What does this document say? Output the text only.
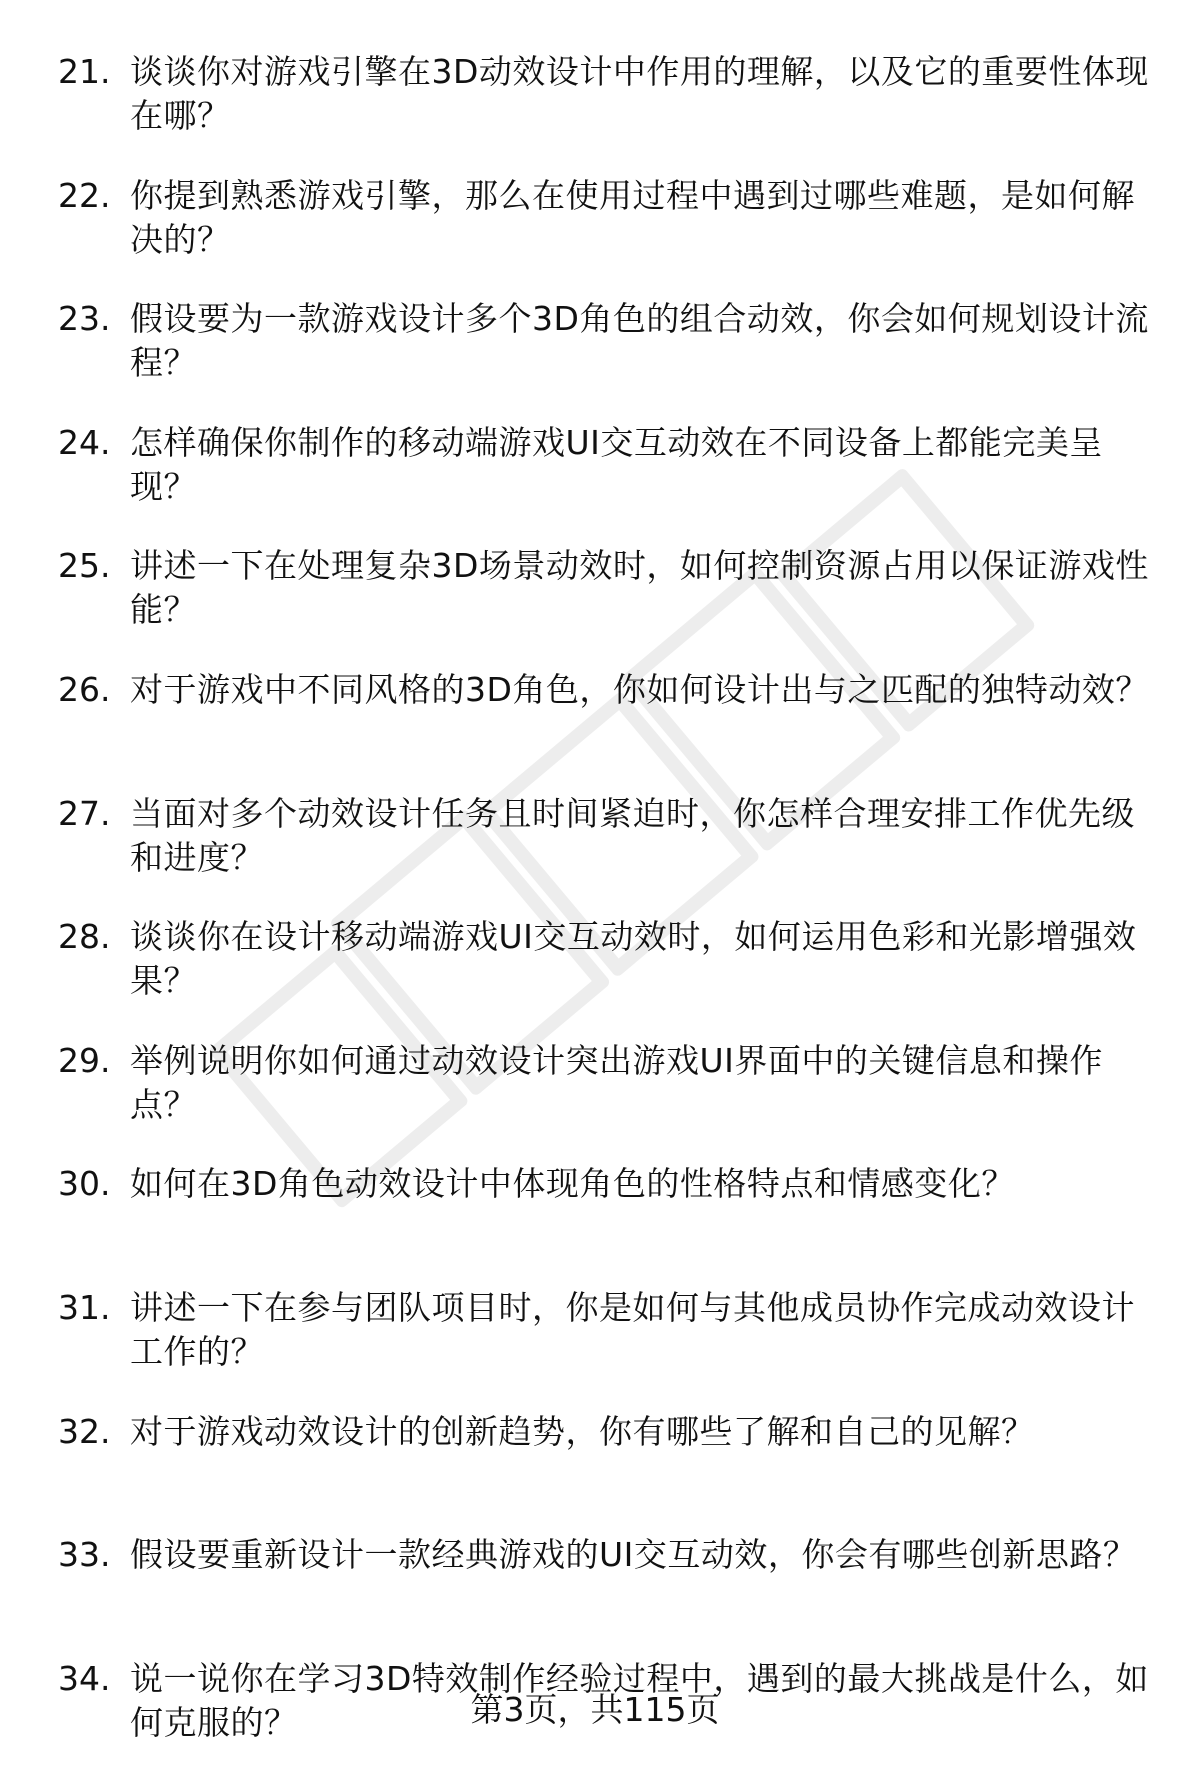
21. 谈谈你对游戏引擎在3D动效设计中作用的理解，以及它的重要性体现在哪？
22. 你提到熟悉游戏引擎，那么在使用过程中遇到过哪些难题，是如何解决的？
23. 假设要为一款游戏设计多个3D角色的组合动效，你会如何规划设计流程？
24. 怎样确保你制作的移动端游戏UI交互动效在不同设备上都能完美呈现？
25. 讲述一下在处理复杂3D场景动效时，如何控制资源占用以保证游戏性能？
26. 对于游戏中不同风格的3D角色，你如何设计出与之匹配的独特动效？
27. 当面对多个动效设计任务且时间紧迫时，你怎样合理安排工作优先级和进度？
28. 谈谈你在设计移动端游戏UI交互动效时，如何运用色彩和光影增强效果？
29. 举例说明你如何通过动效设计突出游戏UI界面中的关键信息和操作点？
30. 如何在3D角色动效设计中体现角色的性格特点和情感变化？
31. 讲述一下在参与团队项目时，你是如何与其他成员协作完成动效设计工作的？
32. 对于游戏动效设计的创新趋势，你有哪些了解和自己的见解？
33. 假设要重新设计一款经典游戏的UI交互动效，你会有哪些创新思路？
34. 说一说你在学习3D特效制作经验过程中，遇到的最大挑战是什么，如何克服的？	第3页，共115页
